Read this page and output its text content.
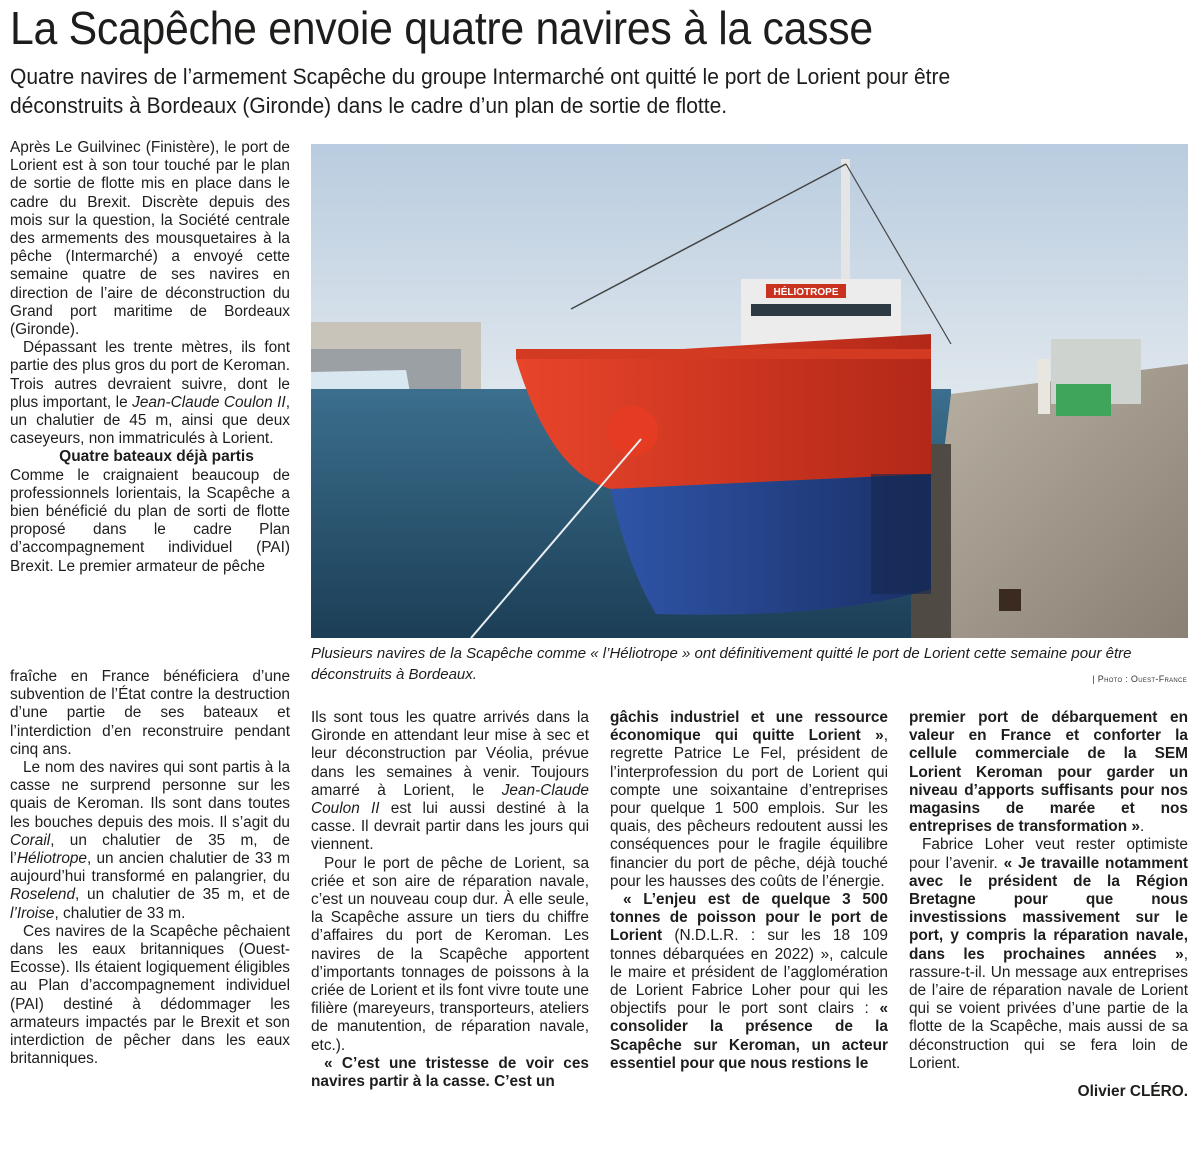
La Scapêche envoie quatre navires à la casse
Quatre navires de l’armement Scapêche du groupe Intermarché ont quitté le port de Lorient pour être déconstruits à Bordeaux (Gironde) dans le cadre d’un plan de sortie de flotte.

Après Le Guilvinec (Finistère), le port de Lorient est à son tour touché par le plan de sortie de flotte mis en place dans le cadre du Brexit. Discrète depuis des mois sur la question, la Société centrale des armements des mousquetaires à la pêche (Intermarché) a envoyé cette semaine quatre de ses navires en direction de l’aire de déconstruction du Grand port maritime de Bordeaux (Gironde).

Dépassant les trente mètres, ils font partie des plus gros du port de Keroman. Trois autres devraient suivre, dont le plus important, le Jean-Claude Coulon II, un chalutier de 45 m, ainsi que deux caseyeurs, non immatriculés à Lorient.

Quatre bateaux déjà partis

Comme le craignaient beaucoup de professionnels lorientais, la Scapêche a bien bénéficié du plan de sorti de flotte proposé dans le cadre Plan d’accompagnement individuel (PAI) Brexit. Le premier armateur de pêche

fraîche en France bénéficiera d’une subvention de l’État contre la destruction d’une partie de ses bateaux et l’interdiction d’en reconstruire pendant cinq ans.

Le nom des navires qui sont partis à la casse ne surprend personne sur les quais de Keroman. Ils sont dans toutes les bouches depuis des mois. Il s’agit du Corail, un chalutier de 35 m, de l’Héliotrope, un ancien chalutier de 33 m aujourd’hui transformé en palangrier, du Roselend, un chalutier de 35 m, et de l’Iroise, chalutier de 33 m.

Ces navires de la Scapêche pêchaient dans les eaux britanniques (Ouest-Ecosse). Ils étaient logiquement éligibles au Plan d’accompagnement individuel (PAI) destiné à dédommager les armateurs impactés par le Brexit et son interdiction de pêcher dans les eaux britanniques.

HÉLIOTROPE
Plusieurs navires de la Scapêche comme « l’Héliotrope » ont définitivement quitté le port de Lorient cette semaine pour être déconstruits à Bordeaux.	| Photo : Ouest-France

Ils sont tous les quatre arrivés dans la Gironde en attendant leur mise à sec et leur déconstruction par Véolia, prévue dans les semaines à venir. Toujours amarré à Lorient, le Jean-Claude Coulon II est lui aussi destiné à la casse. Il devrait partir dans les jours qui viennent.

Pour le port de pêche de Lorient, sa criée et son aire de réparation navale, c’est un nouveau coup dur. À elle seule, la Scapêche assure un tiers du chiffre d’affaires du port de Keroman. Les navires de la Scapêche apportent d’importants tonnages de poissons à la criée de Lorient et ils font vivre toute une filière (mareyeurs, transporteurs, ateliers de manutention, de réparation navale, etc.).

« C’est une tristesse de voir ces navires partir à la casse. C’est un

gâchis industriel et une ressource économique qui quitte Lorient », regrette Patrice Le Fel, président de l’interprofession du port de Lorient qui compte une soixantaine d’entreprises pour quelque 1 500 emplois. Sur les quais, des pêcheurs redoutent aussi les conséquences pour le fragile équilibre financier du port de pêche, déjà touché pour les hausses des coûts de l’énergie.

« L’enjeu est de quelque 3 500 tonnes de poisson pour le port de Lorient (N.D.L.R. : sur les 18 109 tonnes débarquées en 2022) », calcule le maire et président de l’agglomération de Lorient Fabrice Loher pour qui les objectifs pour le port sont clairs : « consolider la présence de la Scapêche sur Keroman, un acteur essentiel pour que nous restions le

premier port de débarquement en valeur en France et conforter la cellule commerciale de la SEM Lorient Keroman pour garder un niveau d’apports suffisants pour nos magasins de marée et nos entreprises de transformation ».

Fabrice Loher veut rester optimiste pour l’avenir. « Je travaille notamment avec le président de la Région Bretagne pour que nous investissions massivement sur le port, y compris la réparation navale, dans les prochaines années », rassure-t-il. Un message aux entreprises de l’aire de réparation navale de Lorient qui se voient privées d’une partie de la flotte de la Scapêche, mais aussi de sa déconstruction qui se fera loin de Lorient.

Olivier CLÉRO.
